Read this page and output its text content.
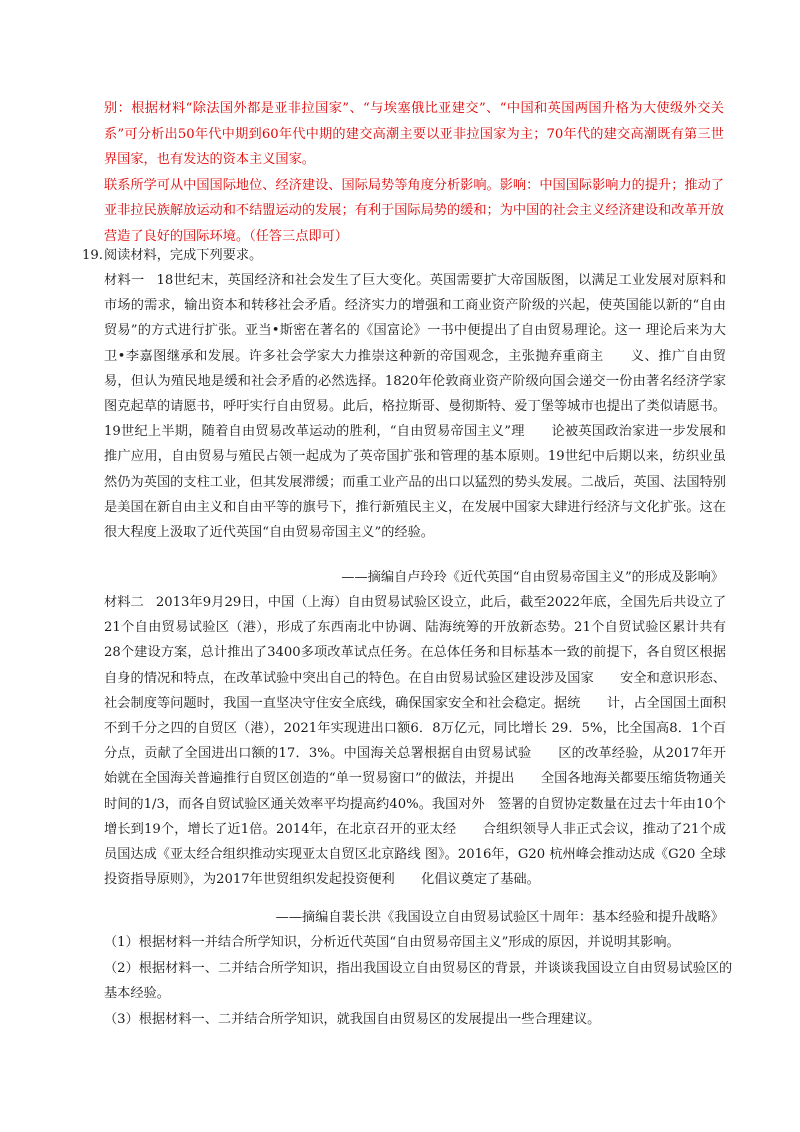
别：根据材料“除法国外都是亚非拉国家”、“与埃塞俄比亚建交”、“中国和英国两国升格为大使级外交关系”可分析出50年代中期到60年代中期的建交高潮主要以亚非拉国家为主；70年代的建交高潮既有第三世界国家，也有发达的资本主义国家。

联系所学可从中国国际地位、经济建设、国际局势等角度分析影响。影响：中国国际影响力的提升；推动了亚非拉民族解放运动和不结盟运动的发展；有利于国际局势的缓和；为中国的社会主义经济建设和改革开放营造了良好的国际环境。（任答三点即可）

19.阅读材料，完成下列要求。

材料一 18世纪末，英国经济和社会发生了巨大变化。英国需要扩大帝国版图，以满足工业发展对原料和市场的需求，输出资本和转移社会矛盾。经济实力的增强和工商业资产阶级的兴起，使英国能以新的“自由贸易”的方式进行扩张。亚当•斯密在著名的《国富论》一书中便提出了自由贸易理论。这一 理论后来为大卫•李嘉图继承和发展。许多社会学家大力推崇这种新的帝国观念，主张抛弃重商主　　义、推广自由贸易，但认为殖民地是缓和社会矛盾的必然选择。1820年伦敦商业资产阶级向国会递交一份由著名经济学家图克起草的请愿书，呼吁实行自由贸易。此后，格拉斯哥、曼彻斯特、爱丁堡等城市也提出了类似请愿书。19世纪上半期，随着自由贸易改革运动的胜利，“自由贸易帝国主义”理　　论被英国政治家进一步发展和推广应用，自由贸易与殖民占领一起成为了英帝国扩张和管理的基本原则。19世纪中后期以来，纺织业虽然仍为英国的支柱工业，但其发展滞缓；而重工业产品的出口以猛烈的势头发展。二战后，英国、法国特别是美国在新自由主义和自由平等的旗号下，推行新殖民主义，在发展中国家大肆进行经济与文化扩张。这在很大程度上汲取了近代英国“自由贸易帝国主义”的经验。

——摘编自卢玲玲《近代英国“自由贸易帝国主义”的形成及影响》

材料二 2013年9月29日，中国（上海）自由贸易试验区设立，此后，截至2022年底，全国先后共设立了 21个自由贸易试验区（港），形成了东西南北中协调、陆海统筹的开放新态势。21个自贸试验区累计共有28个建设方案，总计推出了3400多项改革试点任务。在总体任务和目标基本一致的前提下，各自贸区根据自身的情况和特点，在改革试验中突出自己的特色。在自由贸易试验区建设涉及国家　　安全和意识形态、社会制度等问题时，我国一直坚决守住安全底线，确保国家安全和社会稳定。据统　　计，占全国国土面积不到千分之四的自贸区（港），2021年实现进出口额6．8万亿元，同比增长 29．5%，比全国高8．1个百分点，贡献了全国进出口额的17．3%。中国海关总署根据自由贸易试验　　区的改革经验，从2017年开始就在全国海关普遍推行自贸区创造的“单一贸易窗口”的做法，并提出　　全国各地海关都要压缩货物通关时间的1/3，而各自贸试验区通关效率平均提高约40%。我国对外　签署的自贸协定数量在过去十年由10个增长到19个，增长了近1倍。2014年，在北京召开的亚太经　　合组织领导人非正式会议，推动了21个成员国达成《亚太经合组织推动实现亚太自贸区北京路线 图》。2016年，G20 杭州峰会推动达成《G20 全球投资指导原则》，为2017年世贸组织发起投资便利　　化倡议奠定了基础。

——摘编自裴长洪《我国设立自由贸易试验区十周年：基本经验和提升战略》

（1）根据材料一并结合所学知识，分析近代英国“自由贸易帝国主义”形成的原因，并说明其影响。

（2）根据材料一、二并结合所学知识，指出我国设立自由贸易区的背景，并谈谈我国设立自由贸易试验区的基本经验。

（3）根据材料一、二并结合所学知识，就我国自由贸易区的发展提出一些合理建议。
